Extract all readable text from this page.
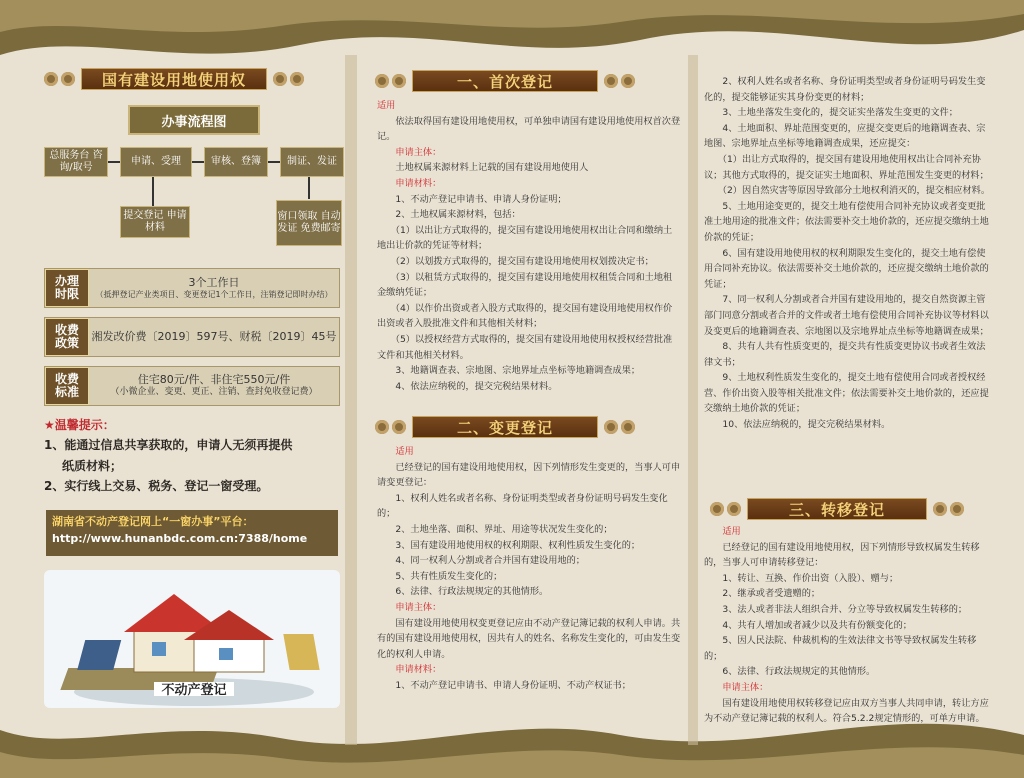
国有建设用地使用权
办事流程图
总服务台 咨询/取号
申请、受理	审核、登簿	制证、发证
提交登记 申请材料
窗口领取 自动发证 免费邮寄
办理
时限
3个工作日
（抵押登记产业类项目、变更登记1个工作日，注销登记即时办结）
收费
政策 湘发改价费〔2019〕597号、财税〔2019〕45号
收费
标准
住宅80元/件、非住宅550元/件
（小微企业、变更、更正、注销、查封免收登记费）
★温馨提示：
1、能通过信息共享获取的，申请人无须再提供
纸质材料；
2、实行线上交易、税务、登记一窗受理。
湖南省不动产登记网上“一窗办事”平台：
http://www.hunanbdc.com.cn:7388/home
不动产登记
一、首次登记

适用

　　依法取得国有建设用地使用权，可单独申请国有建设用地使用权首次登记。

　　申请主体：

　　土地权属来源材料上记载的国有建设用地使用人

　　申请材料：

　　1、不动产登记申请书、申请人身份证明；

　　2、土地权属来源材料，包括：

　　（1）以出让方式取得的，提交国有建设用地使用权出让合同和缴纳土地出让价款的凭证等材料；

　　（2）以划拨方式取得的，提交国有建设用地使用权划拨决定书；

　　（3）以租赁方式取得的，提交国有建设用地使用权租赁合同和土地租金缴纳凭证；

　　（4）以作价出资或者入股方式取得的，提交国有建设用地使用权作价出资或者入股批准文件和其他相关材料；

　　（5）以授权经营方式取得的，提交国有建设用地使用权授权经营批准文件和其他相关材料。

　　3、地籍调查表、宗地图、宗地界址点坐标等地籍调查成果；

　　4、依法应纳税的，提交完税结果材料。

二、变更登记

　　适用

　　已经登记的国有建设用地使用权，因下列情形发生变更的，当事人可申请变更登记：

　　1、权利人姓名或者名称、身份证明类型或者身份证明号码发生变化的；

　　2、土地坐落、面积、界址、用途等状况发生变化的；

　　3、国有建设用地使用权的权利期限、权利性质发生变化的；

　　4、同一权利人分割或者合并国有建设用地的；

　　5、共有性质发生变化的；

　　6、法律、行政法规规定的其他情形。

　　申请主体：

　　国有建设用地使用权变更登记应由不动产登记簿记载的权利人申请。共有的国有建设用地使用权，因共有人的姓名、名称发生变化的，可由发生变化的权利人申请。

　　申请材料：

　　1、不动产登记申请书、申请人身份证明、不动产权证书；

　　2、权利人姓名或者名称、身份证明类型或者身份证明号码发生变化的，提交能够证实其身份变更的材料；

　　3、土地坐落发生变化的，提交证实坐落发生变更的文件；

　　4、土地面积、界址范围变更的，应提交变更后的地籍调查表、宗地图、宗地界址点坐标等地籍调查成果，还应提交：

　　（1）出让方式取得的，提交国有建设用地使用权出让合同补充协议；其他方式取得的，提交证实土地面积、界址范围发生变更的材料；

　　（2）因自然灾害等原因导致部分土地权利消灭的，提交相应材料。

　　5、土地用途变更的，提交土地有偿使用合同补充协议或者变更批准土地用途的批准文件；依法需要补交土地价款的，还应提交缴纳土地价款的凭证；

　　6、国有建设用地使用权的权利期限发生变化的，提交土地有偿使用合同补充协议。依法需要补交土地价款的，还应提交缴纳土地价款的凭证；

　　7、同一权利人分割或者合并国有建设用地的，提交自然资源主管部门同意分割或者合并的文件或者土地有偿使用合同补充协议等材料以及变更后的地籍调查表、宗地图以及宗地界址点坐标等地籍调查成果；

　　8、共有人共有性质变更的，提交共有性质变更协议书或者生效法律文书；

　　9、土地权利性质发生变化的，提交土地有偿使用合同或者授权经营、作价出资入股等相关批准文件；依法需要补交土地价款的，还应提交缴纳土地价款的凭证；

　　10、依法应纳税的，提交完税结果材料。

三、转移登记

　　适用

　　已经登记的国有建设用地使用权，因下列情形导致权属发生转移的，当事人可申请转移登记：

　　1、转让、互换、作价出资（入股）、赠与；

　　2、继承或者受遗赠的；

　　3、法人或者非法人组织合并、分立等导致权属发生转移的；

　　4、共有人增加或者减少以及共有份额变化的；

　　5、因人民法院、仲裁机构的生效法律文书等导致权属发生转移的；

　　6、法律、行政法规规定的其他情形。

　　申请主体：

　　国有建设用地使用权转移登记应由双方当事人共同申请，转让方应为不动产登记簿记载的权利人。符合5.2.2规定情形的，可单方申请。
